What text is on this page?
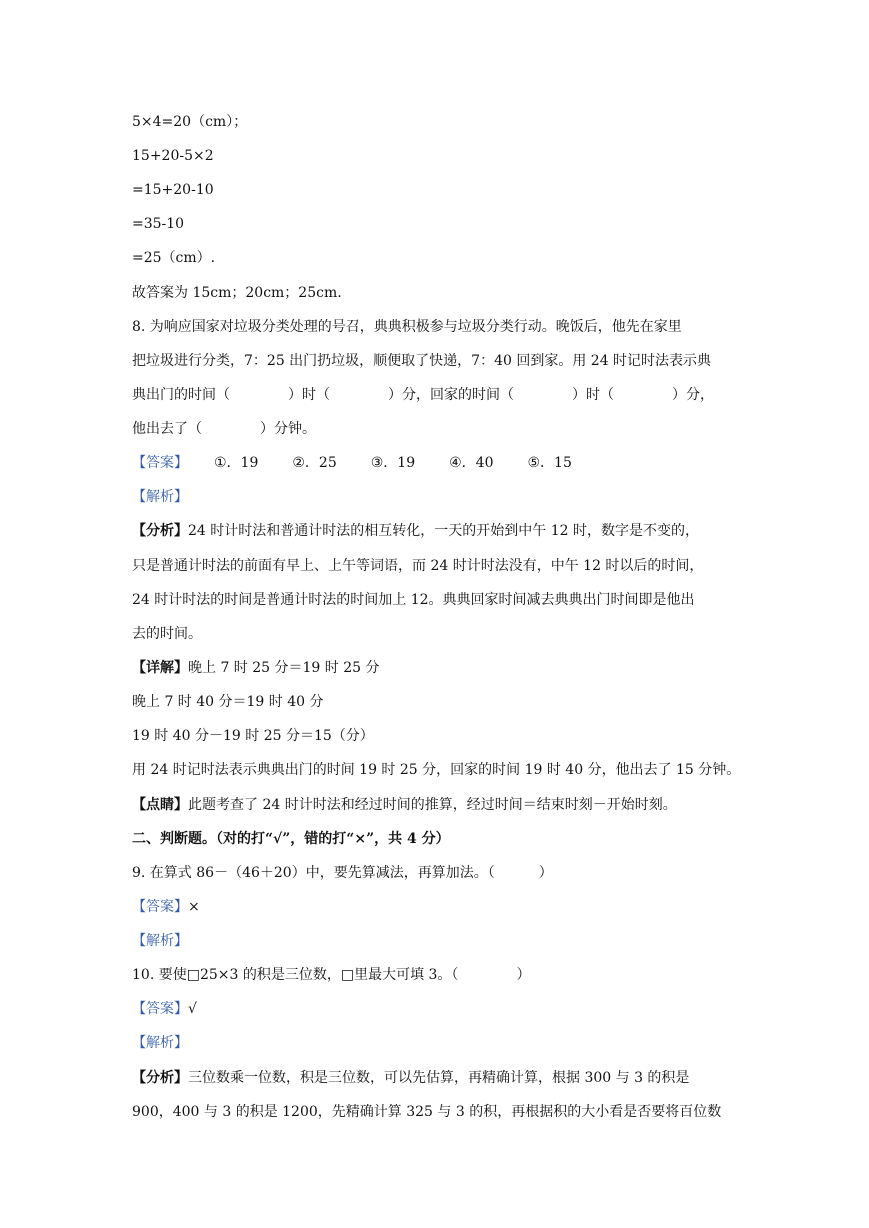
5×4=20（cm）；
15+20-5×2
=15+20-10
=35-10
=25（cm）.
故答案为 15cm；20cm；25cm.
8. 为响应国家对垃圾分类处理的号召，典典积极参与垃圾分类行动。晚饭后，他先在家里
把垃圾进行分类，7：25 出门扔垃圾，顺便取了快递，7：40 回到家。用 24 时记时法表示典
典出门的时间（	）时（	）分，回家的时间（	）时（	）分，
他出去了（	）分钟。
【答案】 ①．19 ②．25 ③．19 ④．40 ⑤．15
【解析】
【分析】24 时计时法和普通计时法的相互转化，一天的开始到中午 12 时，数字是不变的，
只是普通计时法的前面有早上、上午等词语，而 24 时计时法没有，中午 12 时以后的时间，
24 时计时法的时间是普通计时法的时间加上 12。典典回家时间减去典典出门时间即是他出
去的时间。
【详解】晚上 7 时 25 分＝19 时 25 分
晚上 7 时 40 分＝19 时 40 分
19 时 40 分－19 时 25 分＝15（分）
用 24 时记时法表示典典出门的时间 19 时 25 分，回家的时间 19 时 40 分，他出去了 15 分钟。
【点睛】此题考查了 24 时计时法和经过时间的推算，经过时间＝结束时刻－开始时刻。
二、判断题。（对的打“√”，错的打“×”，共 4 分）
9. 在算式 86－（46＋20）中，要先算减法，再算加法。（	）
【答案】×
【解析】
10. 要使□25×3 的积是三位数，□里最大可填 3。（	）
【答案】√
【解析】
【分析】三位数乘一位数，积是三位数，可以先估算，再精确计算，根据 300 与 3 的积是
900，400 与 3 的积是 1200，先精确计算 325 与 3 的积，再根据积的大小看是否要将百位数
